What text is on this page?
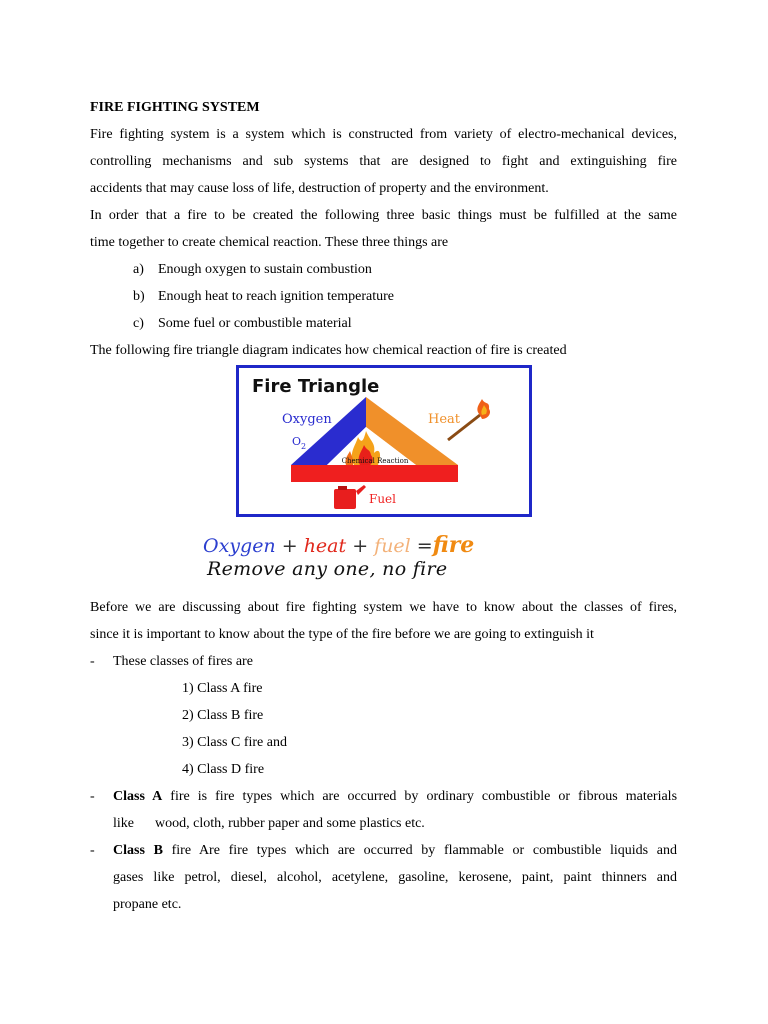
FIRE FIGHTING SYSTEM
Fire fighting system is a system which is constructed from variety of electro-mechanical devices,
controlling mechanisms and sub systems that are designed to fight and extinguishing fire
accidents that may cause loss of life, destruction of property and the environment.
In order that a fire to be created the following three basic things must be fulfilled at the same
time together to create chemical reaction. These three things are
a) Enough oxygen to sustain combustion
b) Enough heat to reach ignition temperature
c) Some fuel or combustible material
The following fire triangle diagram indicates how chemical reaction of fire is created
Fire Triangle
Chemical Reaction
Oxygen
$O_2$
Heat
Fuel
Oxygen + heat + fuel =fire
Remove any one, no fire
Before we are discussing about fire fighting system we have to know about the classes of fires,
since it is important to know about the type of the fire before we are going to extinguish it
- These classes of fires are
1) Class A fire
2) Class B fire
3) Class C fire and
4) Class D fire
- Class A fire is fire types which are occurred by ordinary combustible or fibrous materials
like      wood, cloth, rubber paper and some plastics etc.
- Class B fire Are fire types which are occurred by flammable or combustible liquids and
gases like petrol, diesel, alcohol, acetylene, gasoline, kerosene, paint, paint thinners and
propane etc.
